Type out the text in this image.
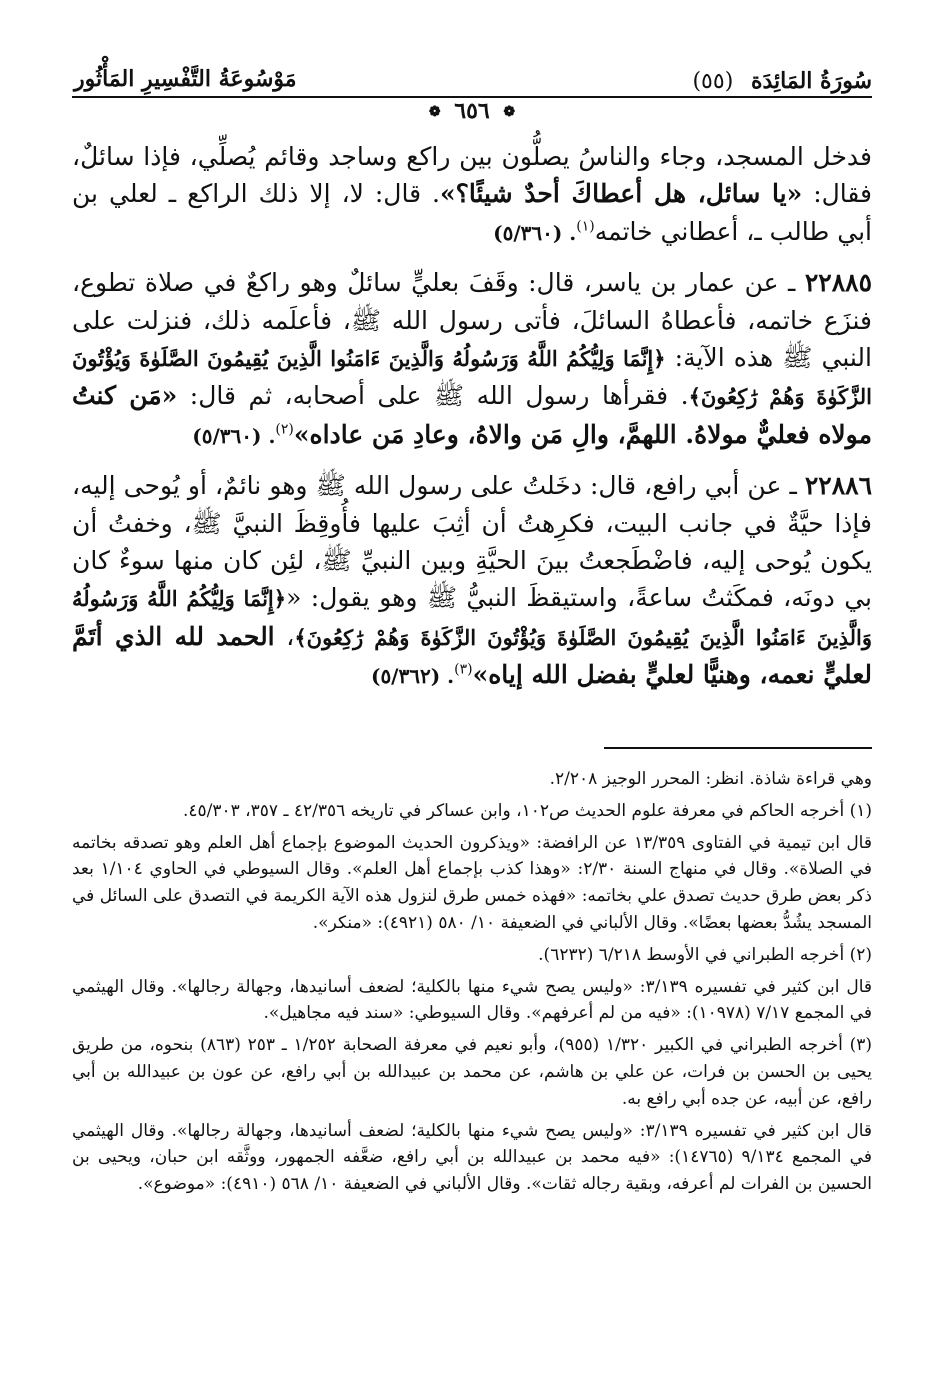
سُورَةُ المَائِدَة (٥٥)
مَوْسُوعَةُ التَّفْسِيرِ المَأْثُور
❁ ٦٥٦ ❁

فدخل المسجد، وجاء والناسُ يصلُّون بين راكع وساجد وقائم يُصلِّي، فإذا سائلٌ، فقال: «يا سائل، هل أعطاكَ أحدٌ شيئًا؟». قال: لا، إلا ذلك الراكع ـ لعلي بن أبي طالب ـ، أعطاني خاتمه$^{(١)}$. (٥/٣٦٠)

٢٢٨٨٥ ـ عن عمار بن ياسر، قال: وقَفَ بعليٍّ سائلٌ وهو راكعٌ في صلاة تطوع، فنزَع خاتمه، فأعطاهُ السائلَ، فأتى رسول الله ﷺ، فأعلَمه ذلك، فنزلت على النبي ﷺ هذه الآية: ﴿إِنَّمَا وَلِيُّكُمُ اللَّهُ وَرَسُولُهُ وَالَّذِينَ ءَامَنُوا الَّذِينَ يُقِيمُونَ الصَّلَوٰةَ وَيُؤْتُونَ الزَّكَوٰةَ وَهُمْ رَٰكِعُونَ﴾. فقرأها رسول الله ﷺ على أصحابه، ثم قال: «مَن كنتُ مولاه فعليٌّ مولاهُ. اللهمَّ، والِ مَن والاهُ، وعادِ مَن عاداه»$^{(٢)}$. (٥/٣٦٠)

٢٢٨٨٦ ـ عن أبي رافع، قال: دخَلتُ على رسول الله ﷺ وهو نائمٌ، أو يُوحى إليه، فإذا حيَّةٌ في جانب البيت، فكرِهتُ أن أثِبَ عليها فأُوقِظَ النبيَّ ﷺ، وخفتُ أن يكون يُوحى إليه، فاضْطَجعتُ بينَ الحيَّةِ وبين النبيِّ ﷺ، لئِن كان منها سوءٌ كان بي دونَه، فمكَثتُ ساعةً، واستيقظَ النبيُّ ﷺ وهو يقول: «﴿إِنَّمَا وَلِيُّكُمُ اللَّهُ وَرَسُولُهُ وَالَّذِينَ ءَامَنُوا الَّذِينَ يُقِيمُونَ الصَّلَوٰةَ وَيُؤْتُونَ الزَّكَوٰةَ وَهُمْ رَٰكِعُونَ﴾، الحمد لله الذي أتَمَّ لعليٍّ نعمه، وهنيًّا لعليٍّ بفضل الله إياه»$^{(٣)}$. (٥/٣٦٢)

وهي قراءة شاذة. انظر: المحرر الوجيز ٢/٢٠٨.

(١) أخرجه الحاكم في معرفة علوم الحديث ص١٠٢، وابن عساكر في تاريخه ٤٢/٣٥٦ ـ ٣٥٧، ٤٥/٣٠٣.

قال ابن تيمية في الفتاوى ١٣/٣٥٩ عن الرافضة: «ويذكرون الحديث الموضوع بإجماع أهل العلم وهو تصدقه بخاتمه في الصلاة». وقال في منهاج السنة ٢/٣٠: «وهذا كذب بإجماع أهل العلم». وقال السيوطي في الحاوي ١/١٠٤ بعد ذكر بعض طرق حديث تصدق علي بخاتمه: «فهذه خمس طرق لنزول هذه الآية الكريمة في التصدق على السائل في المسجد يشُدُّ بعضها بعضًا». وقال الألباني في الضعيفة ١٠/ ٥٨٠ (٤٩٢١): «منكر».

(٢) أخرجه الطبراني في الأوسط ٦/٢١٨ (٦٢٣٢).

قال ابن كثير في تفسيره ٣/١٣٩: «وليس يصح شيء منها بالكلية؛ لضعف أسانيدها، وجهالة رجالها». وقال الهيثمي في المجمع ٧/١٧ (١٠٩٧٨): «فيه من لم أعرفهم». وقال السيوطي: «سند فيه مجاهيل».

(٣) أخرجه الطبراني في الكبير ١/٣٢٠ (٩٥٥)، وأبو نعيم في معرفة الصحابة ١/٢٥٢ ـ ٢٥٣ (٨٦٣) بنحوه، من طريق يحيى بن الحسن بن فرات، عن علي بن هاشم، عن محمد بن عبيدالله بن أبي رافع، عن عون بن عبيدالله بن أبي رافع، عن أبيه، عن جده أبي رافع به.

قال ابن كثير في تفسيره ٣/١٣٩: «وليس يصح شيء منها بالكلية؛ لضعف أسانيدها، وجهالة رجالها». وقال الهيثمي في المجمع ٩/١٣٤ (١٤٧٦٥): «فيه محمد بن عبيدالله بن أبي رافع، ضعَّفه الجمهور، ووثَّقه ابن حبان، ويحيى بن الحسين بن الفرات لم أعرفه، وبقية رجاله ثقات». وقال الألباني في الضعيفة ١٠/ ٥٦٨ (٤٩١٠): «موضوع».
